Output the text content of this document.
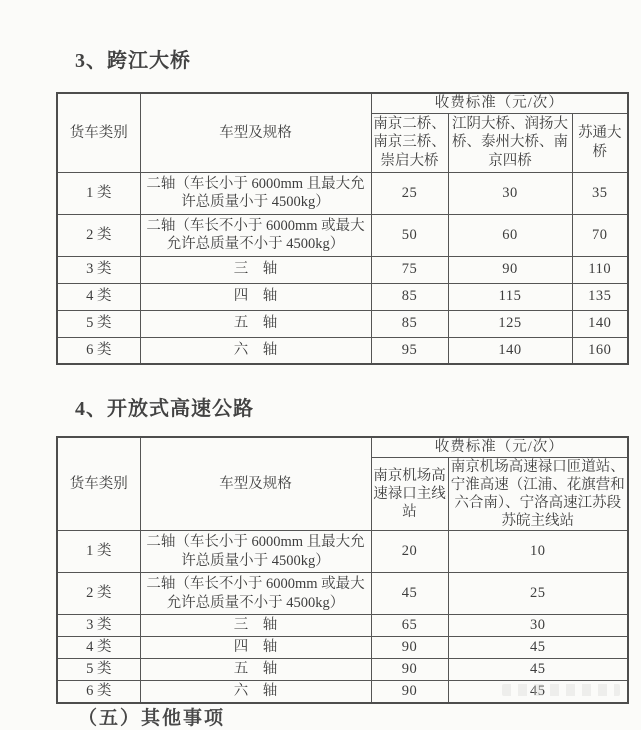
3、跨江大桥
货车类别	车型及规格	收费标准（元/次）		
		南京二桥、南京三桥、崇启大桥	江阴大桥、润扬大桥、泰州大桥、南京四桥	苏通大桥
1 类	二轴（车长小于 6000mm 且最大允许总质量小于 4500kg）	25	30	35
2 类	二轴（车长不小于 6000mm 或最大允许总质量不小于 4500kg）	50	60	70
3 类	三　轴	75	90	110
4 类	四　轴	85	115	135
5 类	五　轴	85	125	140
6 类	六　轴	95	140	160
4、开放式高速公路
货车类别	车型及规格	收费标准（元/次）	
		南京机场高速禄口主线站	南京机场高速禄口匝道站、宁淮高速（江浦、花旗营和六合南）、宁洛高速江苏段苏皖主线站
1 类	二轴（车长小于 6000mm 且最大允许总质量小于 4500kg）	20	10
2 类	二轴（车长不小于 6000mm 或最大允许总质量不小于 4500kg）	45	25
3 类	三　轴	65	30
4 类	四　轴	90	45
5 类	五　轴	90	45
6 类	六　轴	90	45
（五）其他事项
